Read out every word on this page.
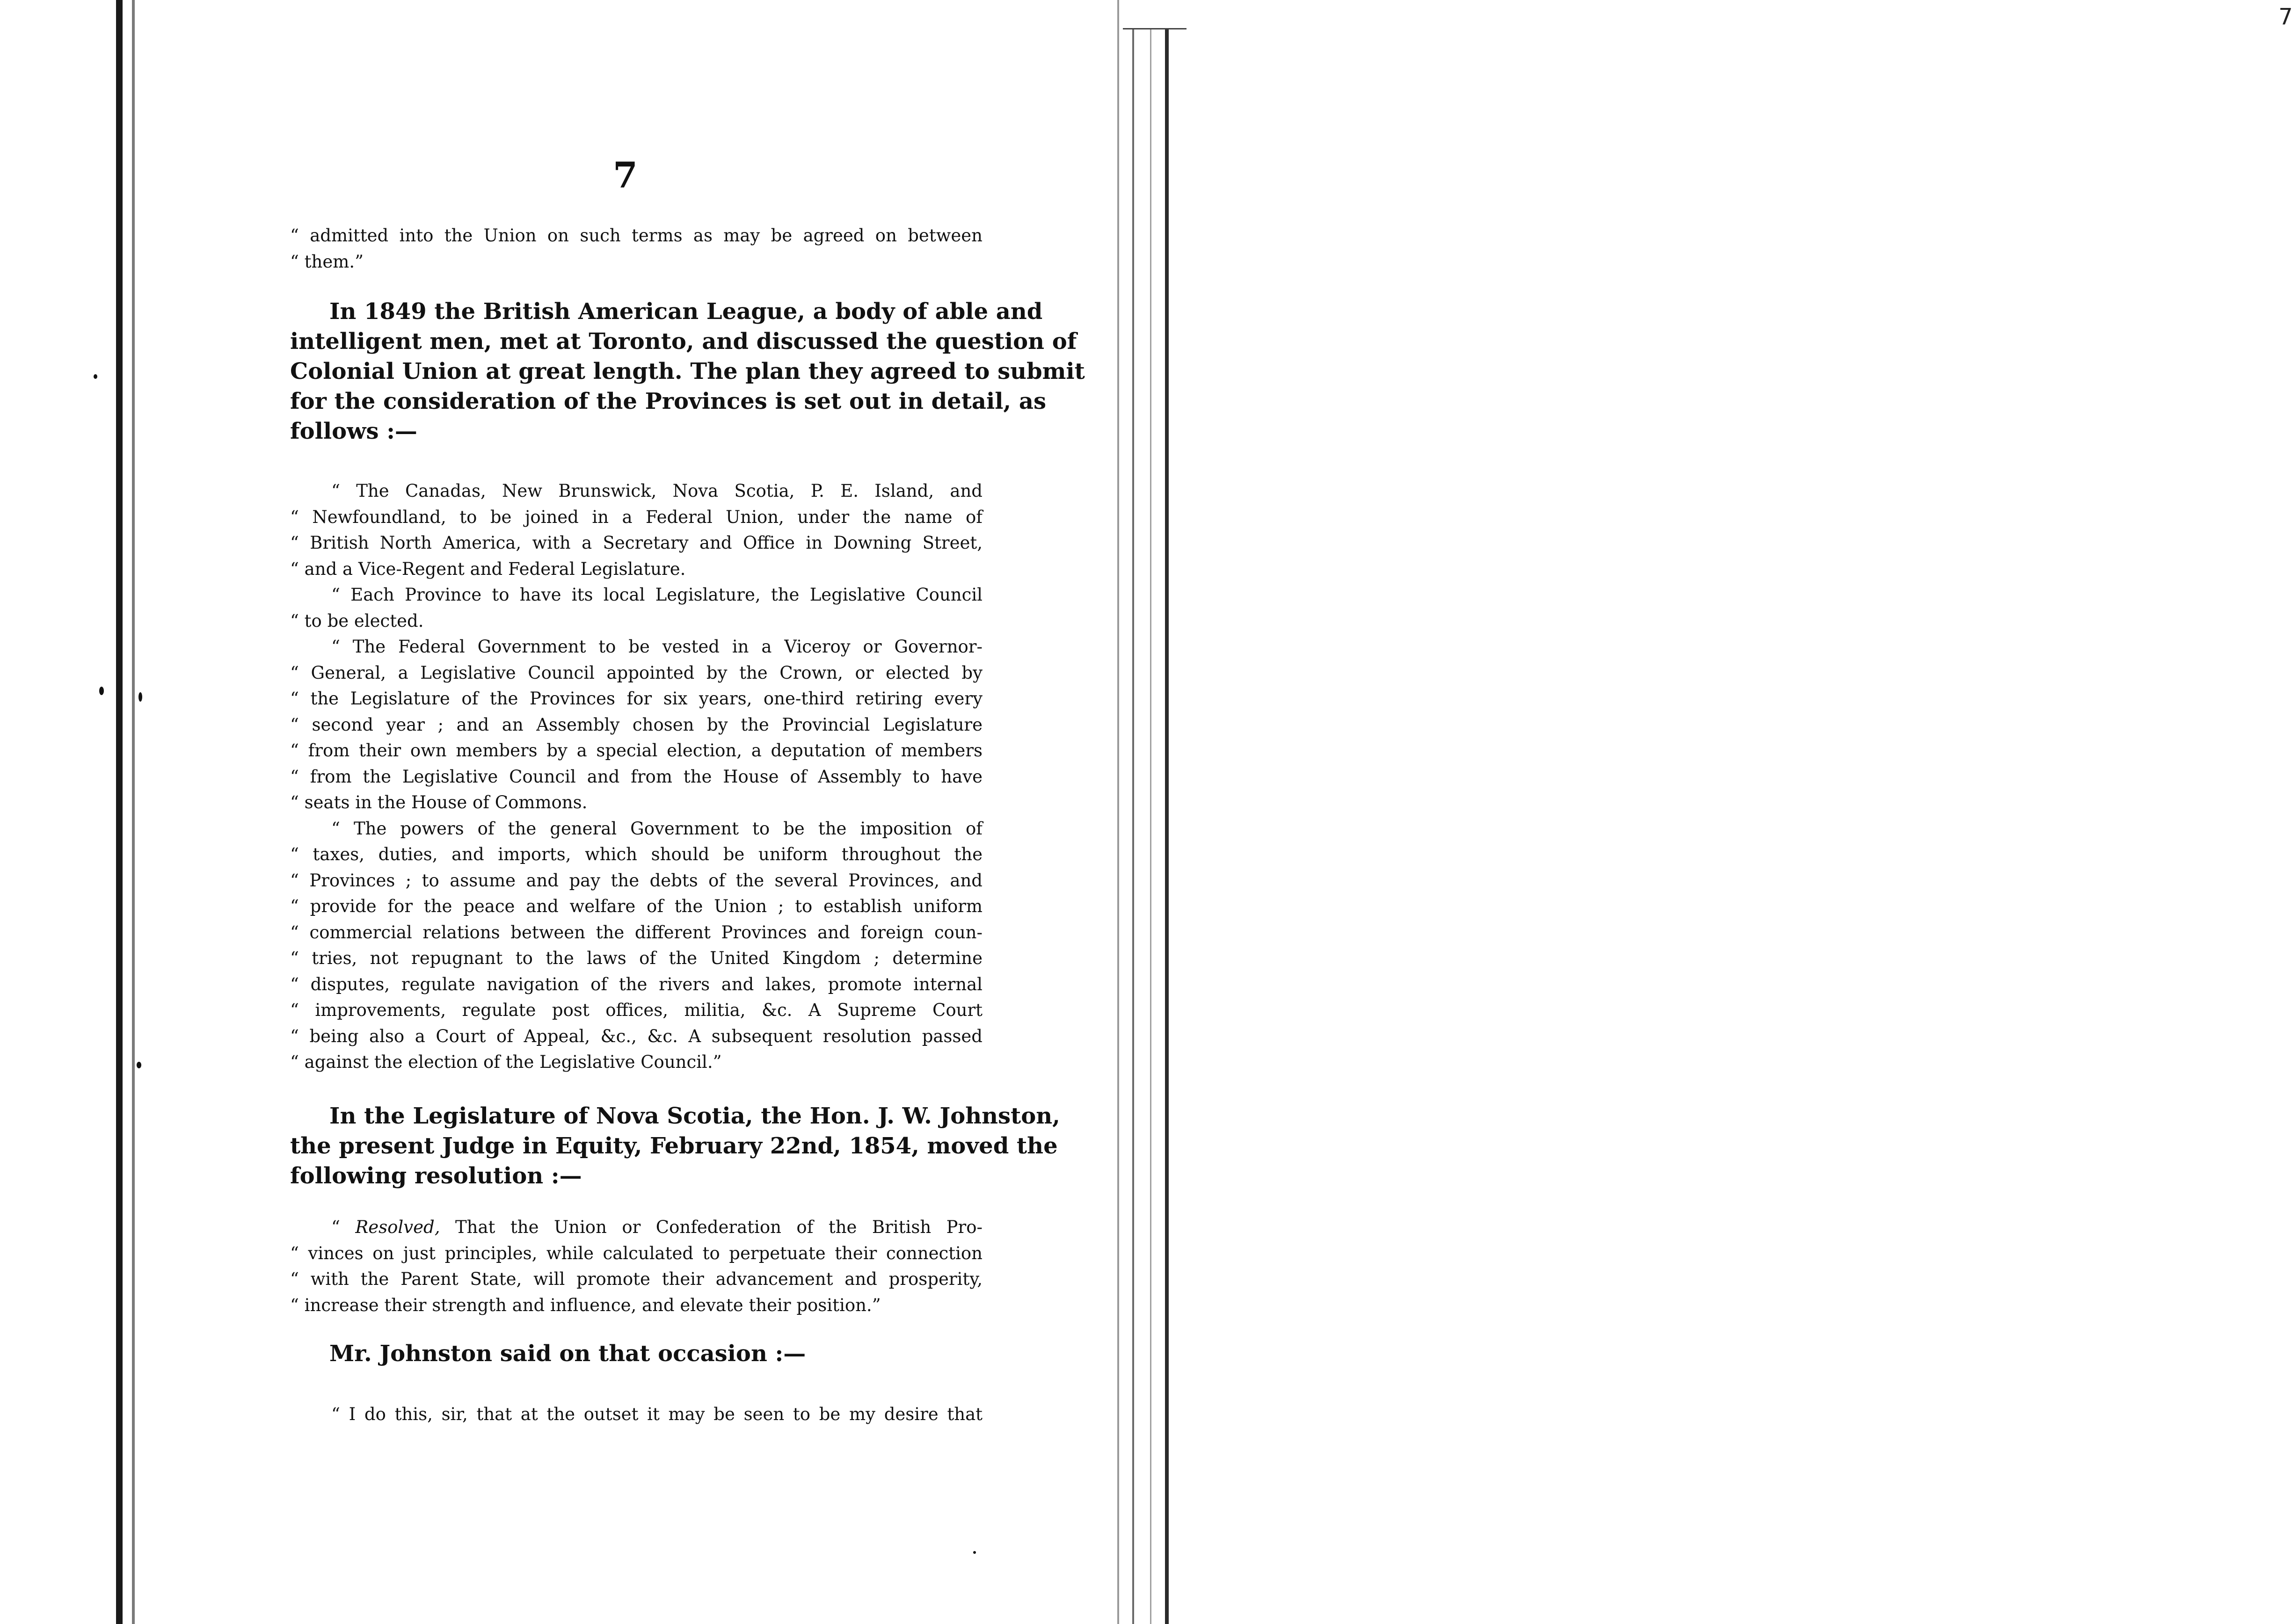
7
7
“ admitted into the Union on such terms as may be agreed on between
“ them.”
In 1849 the British American League, a body of able and
intelligent men, met at Toronto, and discussed the question of
Colonial Union at great length. The plan they agreed to submit
for the consideration of the Provinces is set out in detail, as
follows :—
“ The Canadas, New Brunswick, Nova Scotia, P. E. Island, and
“ Newfoundland, to be joined in a Federal Union, under the name of
“ British North America, with a Secretary and Office in Downing Street,
“ and a Vice-Regent and Federal Legislature.
“ Each Province to have its local Legislature, the Legislative Council
“ to be elected.
“ The Federal Government to be vested in a Viceroy or Governor-
“ General, a Legislative Council appointed by the Crown, or elected by
“ the Legislature of the Provinces for six years, one-third retiring every
“ second year ; and an Assembly chosen by the Provincial Legislature
“ from their own members by a special election, a deputation of members
“ from the Legislative Council and from the House of Assembly to have
“ seats in the House of Commons.
“ The powers of the general Government to be the imposition of
“ taxes, duties, and imports, which should be uniform throughout the
“ Provinces ; to assume and pay the debts of the several Provinces, and
“ provide for the peace and welfare of the Union ; to establish uniform
“ commercial relations between the different Provinces and foreign coun-
“ tries, not repugnant to the laws of the United Kingdom ; determine
“ disputes, regulate navigation of the rivers and lakes, promote internal
“ improvements, regulate post offices, militia, &c. A Supreme Court
“ being also a Court of Appeal, &c., &c. A subsequent resolution passed
“ against the election of the Legislative Council.”
In the Legislature of Nova Scotia, the Hon. J. W. Johnston,
the present Judge in Equity, February 22nd, 1854, moved the
following resolution :—
“ Resolved, That the Union or Confederation of the British Pro-
“ vinces on just principles, while calculated to perpetuate their connection
“ with the Parent State, will promote their advancement and prosperity,
“ increase their strength and influence, and elevate their position.”
Mr. Johnston said on that occasion :—
“ I do this, sir, that at the outset it may be seen to be my desire that
